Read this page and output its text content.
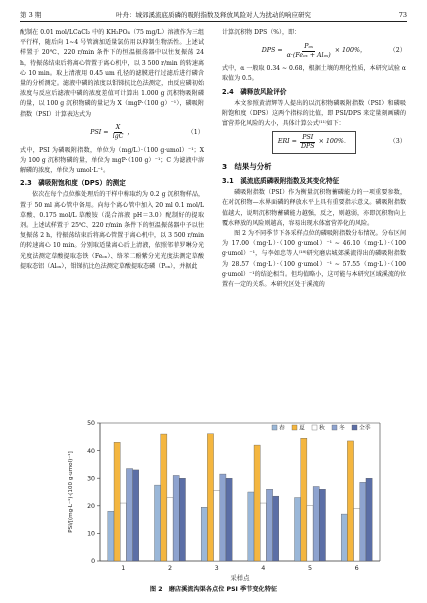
第 3 期	叶舟：城郊溪流底质磷的吸附指数及释放风险对人为扰动的响应研究	73

配制在 0.01 mol/LCaCl₂ 中的 KH₂PO₄（75 mg/L）溶液作为三组平行样，随后向 1~4 号管滴加适量氯仿用以抑制生物活性。上述试样置于 20℃、220 r/min 条件下的恒温振荡器中以往复振荡 24 h，待振荡结束后将离心管置于离心机中，以 3 500 r/min 的转速离心 10 min。取上清液用 0.45 um 孔径的滤膜进行过滤后进行磷含量的分析测定。滤液中磷的浓度以钼锑抗比色法测定，由反应磷初始浓度与反应后滤液中磷的浓度差值可计算出 1.000 g 沉积物吸附磷的量，以 100 g 沉积物磷的量记为 X（mgP·（100 g）⁻¹），磷吸附指数（PSI）计算表达式为

PSI = $\frac{X}{\lg C}$ ，	（1）

式中，PSI 为磷吸附指数，单位为（mg/L）·（100 g·umol）⁻¹；X 为 100 g 沉积物磷的量，单位为 mgP·（100 g）⁻¹；C 为滤液中溶解磷的浓度，单位为 umol·L⁻¹。

2.3　磷吸附饱和度（DPS）的测定

依次在每个点位推处理后的干样中称取约为 0.2 g 沉积物样品，置于 50 ml 离心管中备用。向每个离心管中加入 20 ml 0.1 mol/L 草酸、0.175 mol/L 草酸铵（混合溶液 pH＝3.0）配制好的提取剂。上述试样置于 25℃、220 r/min 条件下的恒温振荡器中予以往复振荡 2 h，待振荡结束后将离心管置于离心机中，以 3 500 r/min 的转速离心 10 min。分别取适量离心后上清液，依照邻菲罗啉分光光度法测定草酸提取态铁（Feₒₓ）、络苯二酚紫分光光度法测定草酸提取态铝（Alₒₓ），钼锑抗比色法测定草酸提取态磷（Pₒₓ），并据此

计算沉积物 DPS（%），即：

DPS = $\frac{\text{Pₒₓ}}{\text{α·(Feₒₓ + Alₒₓ)}} \times 100\%$，	（2）

式中，α 一般取 0.34 ~ 0.68，根据土壤的理化性质，本研究试验 α 取值为 0.5。

2.4　磷释放风险评价

本文参照黄清辉等人提出的以沉积物磷吸附指数（PSI）和磷吸附饱和度（DPS）这两个指标的比值，即 PSI/DPS 来定量刻画磷的富营养化风险的大小，具体计算公式⁽¹¹⁾如下：

ERI = $\frac{\text{PSI}}{\text{DPS}} \times 100\%$．	（3）
3　结果与分析
3.1　溪流底质磷吸附指数及其变化特征

磷吸附指数（PSI）作为衡量沉积物蓄磷能力的一项重要参数，在对沉积物—水界面磷的释放水平上具有重要指示意义。磷吸附指数值越大，说明沉积物蓄磷能力越强，反之，则越弱，亦即沉积物向上覆水释放的风险则越高，容易出现水体富营养化的风险。

图 2 为不同季节下各采样点位的磷吸附指数分布情况。分布区间为 17.00（mg·L）·（100 g·umol）⁻¹ ~ 46.10（mg·L）·（100 g·umol）⁻¹，与李如忠等人⁽¹⁸⁾研究磨店城郊溪流得出的磷吸附指数为 28.57（mg·L）·（100 g·umol）⁻¹ ~ 57.55（mg·L）·（100 g·umol）⁻¹的结论相当。但均值略小，这可能与本研究区域溪流的位置有一定的关系。本研究区处于溪流的

0
10
20
30
40
50
1	2	3	4	5	6
采样点
PSI/[(mg·L⁻¹)·(100 g·umol)⁻¹]
春 夏 秋 冬 全季
图 2　磨店溪流沟渠各点位 PSI 季节变化特征
